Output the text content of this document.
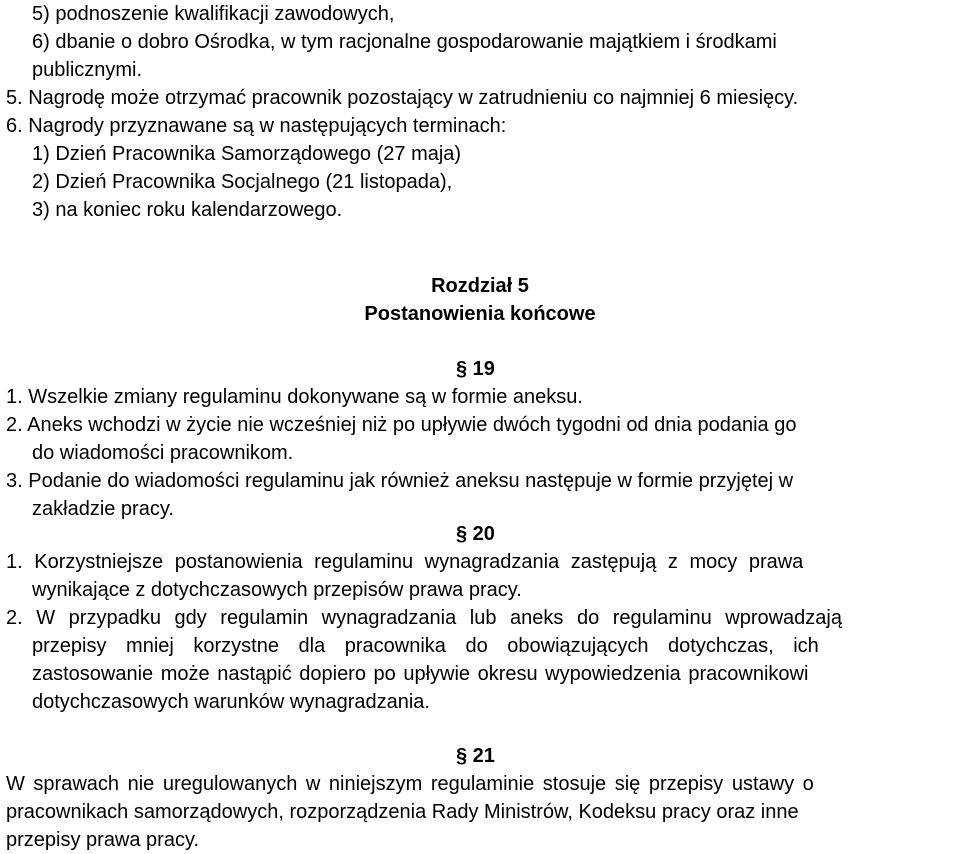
5) podnoszenie kwalifikacji zawodowych,
6) dbanie o dobro Ośrodka, w tym racjonalne gospodarowanie majątkiem i środkami
publicznymi.
5. Nagrodę może otrzymać pracownik pozostający w zatrudnieniu co najmniej 6 miesięcy.
6. Nagrody przyznawane są w następujących terminach:
1) Dzień Pracownika Samorządowego (27 maja)
2) Dzień Pracownika Socjalnego (21 listopada),
3) na koniec roku kalendarzowego.
Rozdział 5
Postanowienia końcowe
§ 19
1. Wszelkie zmiany regulaminu dokonywane są w formie aneksu.
2. Aneks wchodzi w życie nie wcześniej niż po upływie dwóch tygodni od dnia podania go
do wiadomości pracownikom.
3. Podanie do wiadomości regulaminu jak również aneksu następuje w formie przyjętej w
zakładzie pracy.
§ 20
1. Korzystniejsze postanowienia regulaminu wynagradzania zastępują z mocy prawa
wynikające z dotychczasowych przepisów prawa pracy.
2. W przypadku gdy regulamin wynagradzania lub aneks do regulaminu wprowadzają
przepisy mniej korzystne dla pracownika do obowiązujących dotychczas, ich
zastosowanie może nastąpić dopiero po upływie okresu wypowiedzenia pracownikowi
dotychczasowych warunków wynagradzania.
§ 21
W sprawach nie uregulowanych w niniejszym regulaminie stosuje się przepisy ustawy o
pracownikach samorządowych, rozporządzenia Rady Ministrów, Kodeksu pracy oraz inne
przepisy prawa pracy.
